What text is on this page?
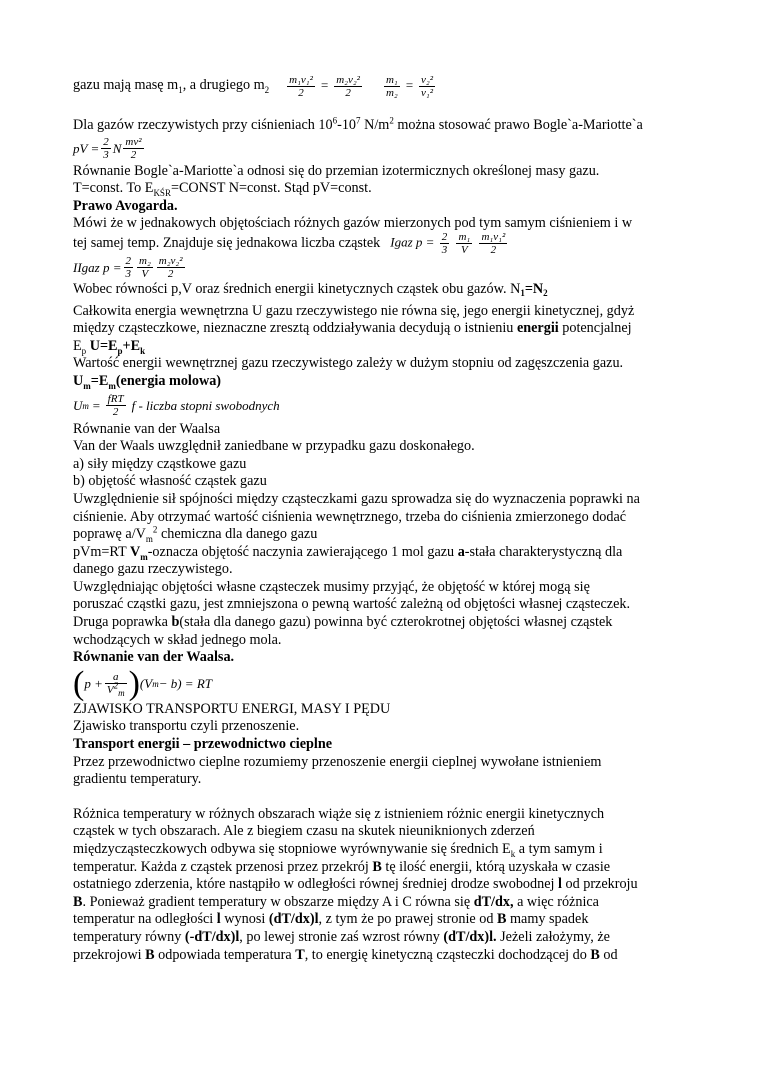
gazu mają masę $m_1$, a drugiego $m_2 \frac{\text{m₁v₁²}}{2} = \frac{\text{m₂v₂²}}{2} \frac{\text{m₁}}{\text{m₂}} = \frac{\text{v₂²}}{\text{v₁²}}$

Dla gazów rzeczywistych przy ciśnieniach $10^6-10^7$ $N/m^2$ można stosować prawo Bogle`a-Mariotte`a

pV = $\frac{2}{3}$ N $\frac{\text{mv²}}{2}$

Równanie Bogle`a-Mariotte`a odnosi się do przemian izotermicznych określonej masy gazu.

T=const. To $E_{KŚR}=CONST$ N=const. Stąd pV=const.

Prawo Avogarda.

Mówi że w jednakowych objętościach różnych gazów mierzonych pod tym samym ciśnieniem i w

tej samej temp. Znajduje się jednakowa liczba cząstek Igaz $p = \frac{2}{3}$
$\frac{\text{m₁}}{V}$
$\frac{\text{m₁v₁²}}{2}$
IIgaz $p = \frac{2}{3} \frac{\text{m₂}}{V} \frac{\text{m₂v₂²}}{2}$

Wobec równości p,V oraz średnich energii kinetycznych cząstek obu gazów. $N_1=N_2$

Całkowita energia wewnętrzna U gazu rzeczywistego nie równa się, jego energii kinetycznej, gdyż

między cząsteczkowe, nieznaczne zresztą oddziaływania decydują o istnieniu energii potencjalnej

$E_p$ $U=E_p+E_k$

Wartość energii wewnętrznej gazu rzeczywistego zależy w dużym stopniu od zagęszczenia gazu.

$U_m=E_m(energia$ molowa)

U $m = \frac{\text{fRT}}{2}$ f - liczba stopni swobodnych

Równanie van der Waalsa

Van der Waals uwzględnił zaniedbane w przypadku gazu doskonałego.

a) siły między cząstkowe gazu

b) objętość własność cząstek gazu

Uwzględnienie sił spójności między cząsteczkami gazu sprowadza się do wyznaczenia poprawki na

ciśnienie. Aby otrzymać wartość ciśnienia wewnętrznego, trzeba do ciśnienia zmierzonego dodać

poprawę $a/V_m^2$ chemiczna dla danego gazu

pVm=RT $V_m$-oznacza objętość naczynia zawierającego 1 mol gazu a-stała charakterystyczną dla

danego gazu rzeczywistego.

Uwzględniając objętości własne cząsteczek musimy przyjąć, że objętość w której mogą się

poruszać cząstki gazu, jest zmniejszona o pewną wartość zależną od objętości własnej cząsteczek.

Druga poprawka b(stała dla danego gazu) powinna być czterokrotnej objętości własnej cząstek

wchodzących w skład jednego mola.

Równanie van der Waalsa.

( $p + \frac{a}{V^2_m}$ ) (V m − b) = RT

ZJAWISKO TRANSPORTU ENERGI, MASY I PĘDU

Zjawisko transportu czyli przenoszenie.

Transport energii – przewodnictwo cieplne

Przez przewodnictwo cieplne rozumiemy przenoszenie energii cieplnej wywołane istnieniem

gradientu temperatury.

Różnica temperatury w różnych obszarach wiąże się z istnieniem różnic energii kinetycznych

cząstek w tych obszarach. Ale z biegiem czasu na skutek nieuniknionych zderzeń

międzycząsteczkowych odbywa się stopniowe wyrównywanie się średnich $E_k$ a tym samym i

temperatur. Każda z cząstek przenosi przez przekrój B tę ilość energii, którą uzyskała w czasie

ostatniego zderzenia, które nastąpiło w odległości równej średniej drodze swobodnej l od przekroju

B. Ponieważ gradient temperatury w obszarze między A i C równa się dT/dx, a więc różnica

temperatur na odległości l wynosi (dT/dx)l, z tym że po prawej stronie od B mamy spadek

temperatury równy (-dT/dx)l, po lewej stronie zaś wzrost równy (dT/dx)l. Jeżeli założymy, że

przekrojowi B odpowiada temperatura T, to energię kinetyczną cząsteczki dochodzącej do B od
